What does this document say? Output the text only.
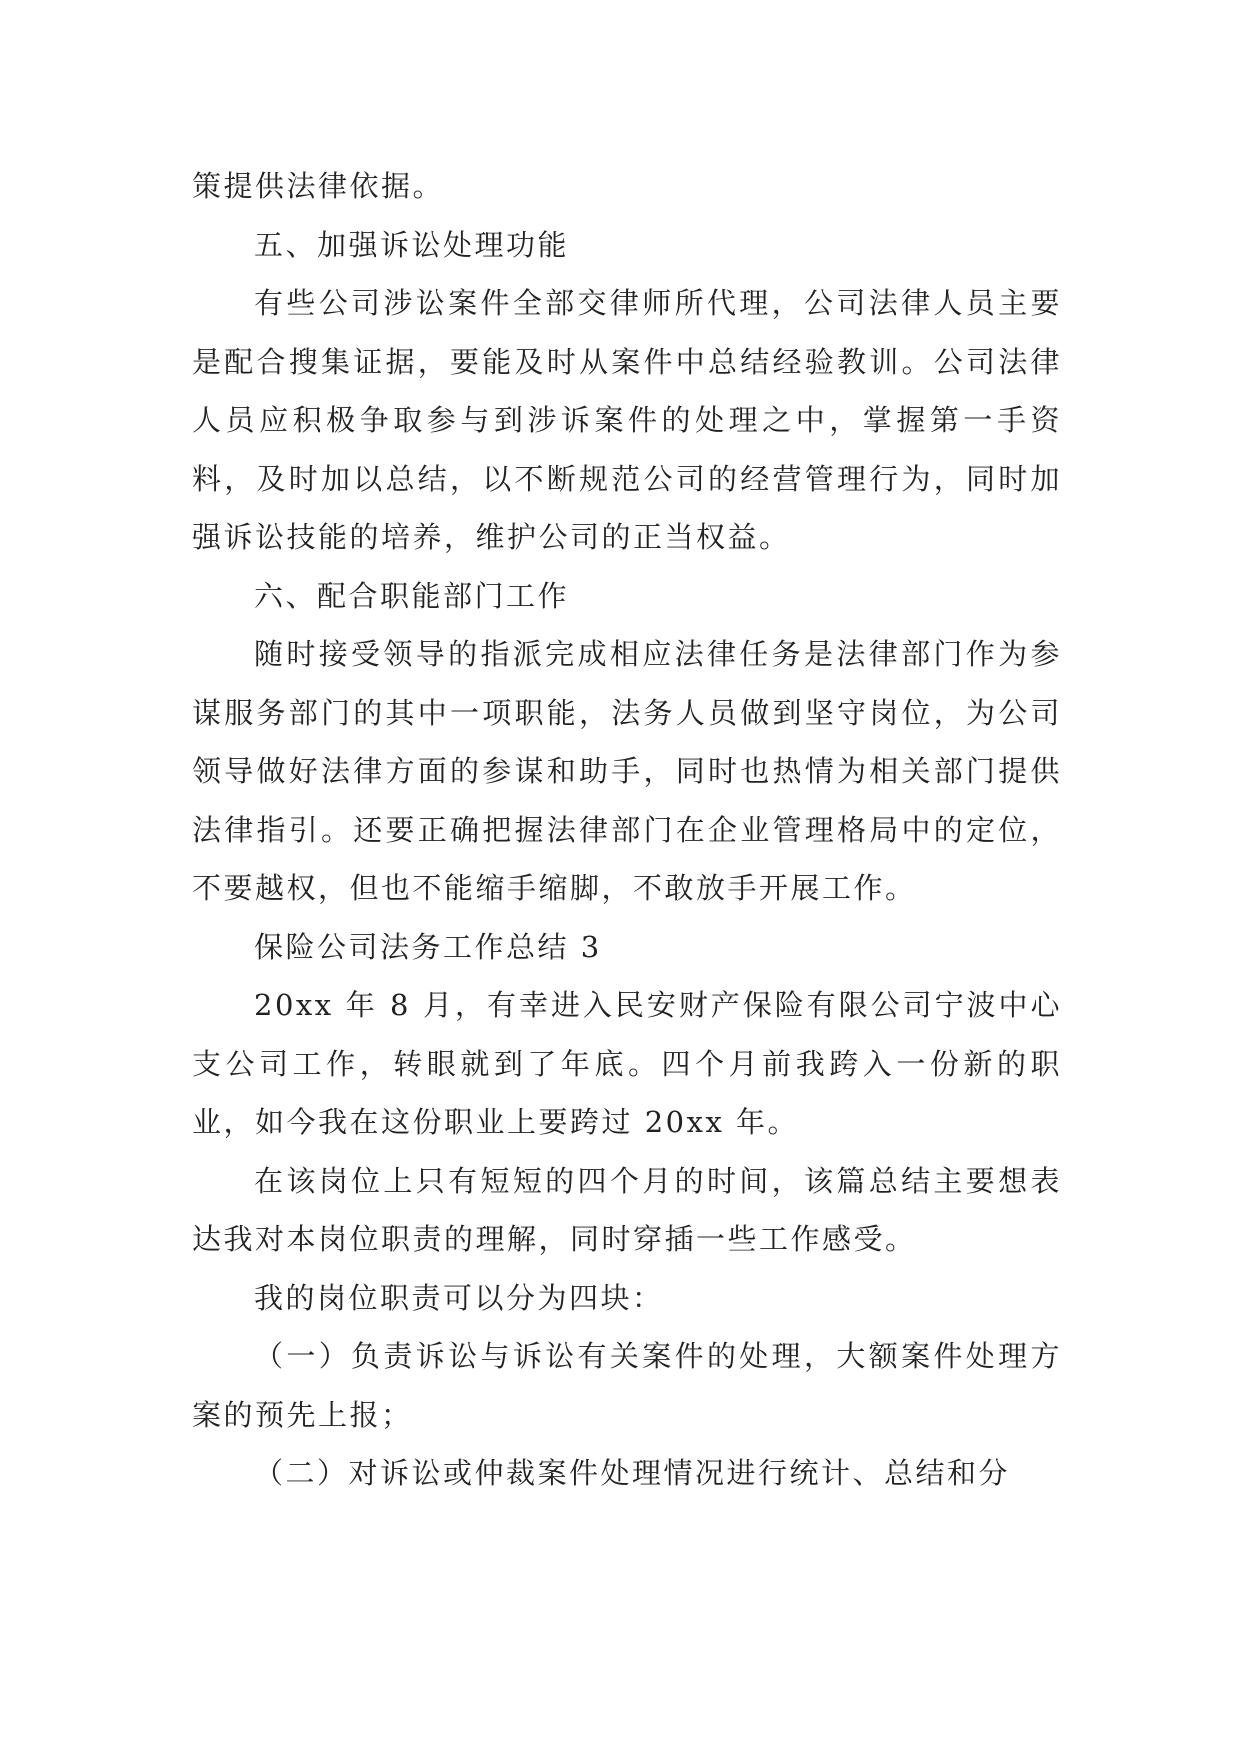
策提供法律依据。

五、加强诉讼处理功能

有些公司涉讼案件全部交律师所代理，公司法律人员主要是配合搜集证据，要能及时从案件中总结经验教训。公司法律人员应积极争取参与到涉诉案件的处理之中，掌握第一手资料，及时加以总结，以不断规范公司的经营管理行为，同时加强诉讼技能的培养，维护公司的正当权益。

六、配合职能部门工作

随时接受领导的指派完成相应法律任务是法律部门作为参谋服务部门的其中一项职能，法务人员做到坚守岗位，为公司领导做好法律方面的参谋和助手，同时也热情为相关部门提供法律指引。还要正确把握法律部门在企业管理格局中的定位，不要越权，但也不能缩手缩脚，不敢放手开展工作。

保险公司法务工作总结 3

20xx 年 8 月，有幸进入民安财产保险有限公司宁波中心支公司工作，转眼就到了年底。四个月前我跨入一份新的职业，如今我在这份职业上要跨过 20xx 年。

在该岗位上只有短短的四个月的时间，该篇总结主要想表达我对本岗位职责的理解，同时穿插一些工作感受。

我的岗位职责可以分为四块：

（一）负责诉讼与诉讼有关案件的处理，大额案件处理方案的预先上报；

（二）对诉讼或仲裁案件处理情况进行统计、总结和分
